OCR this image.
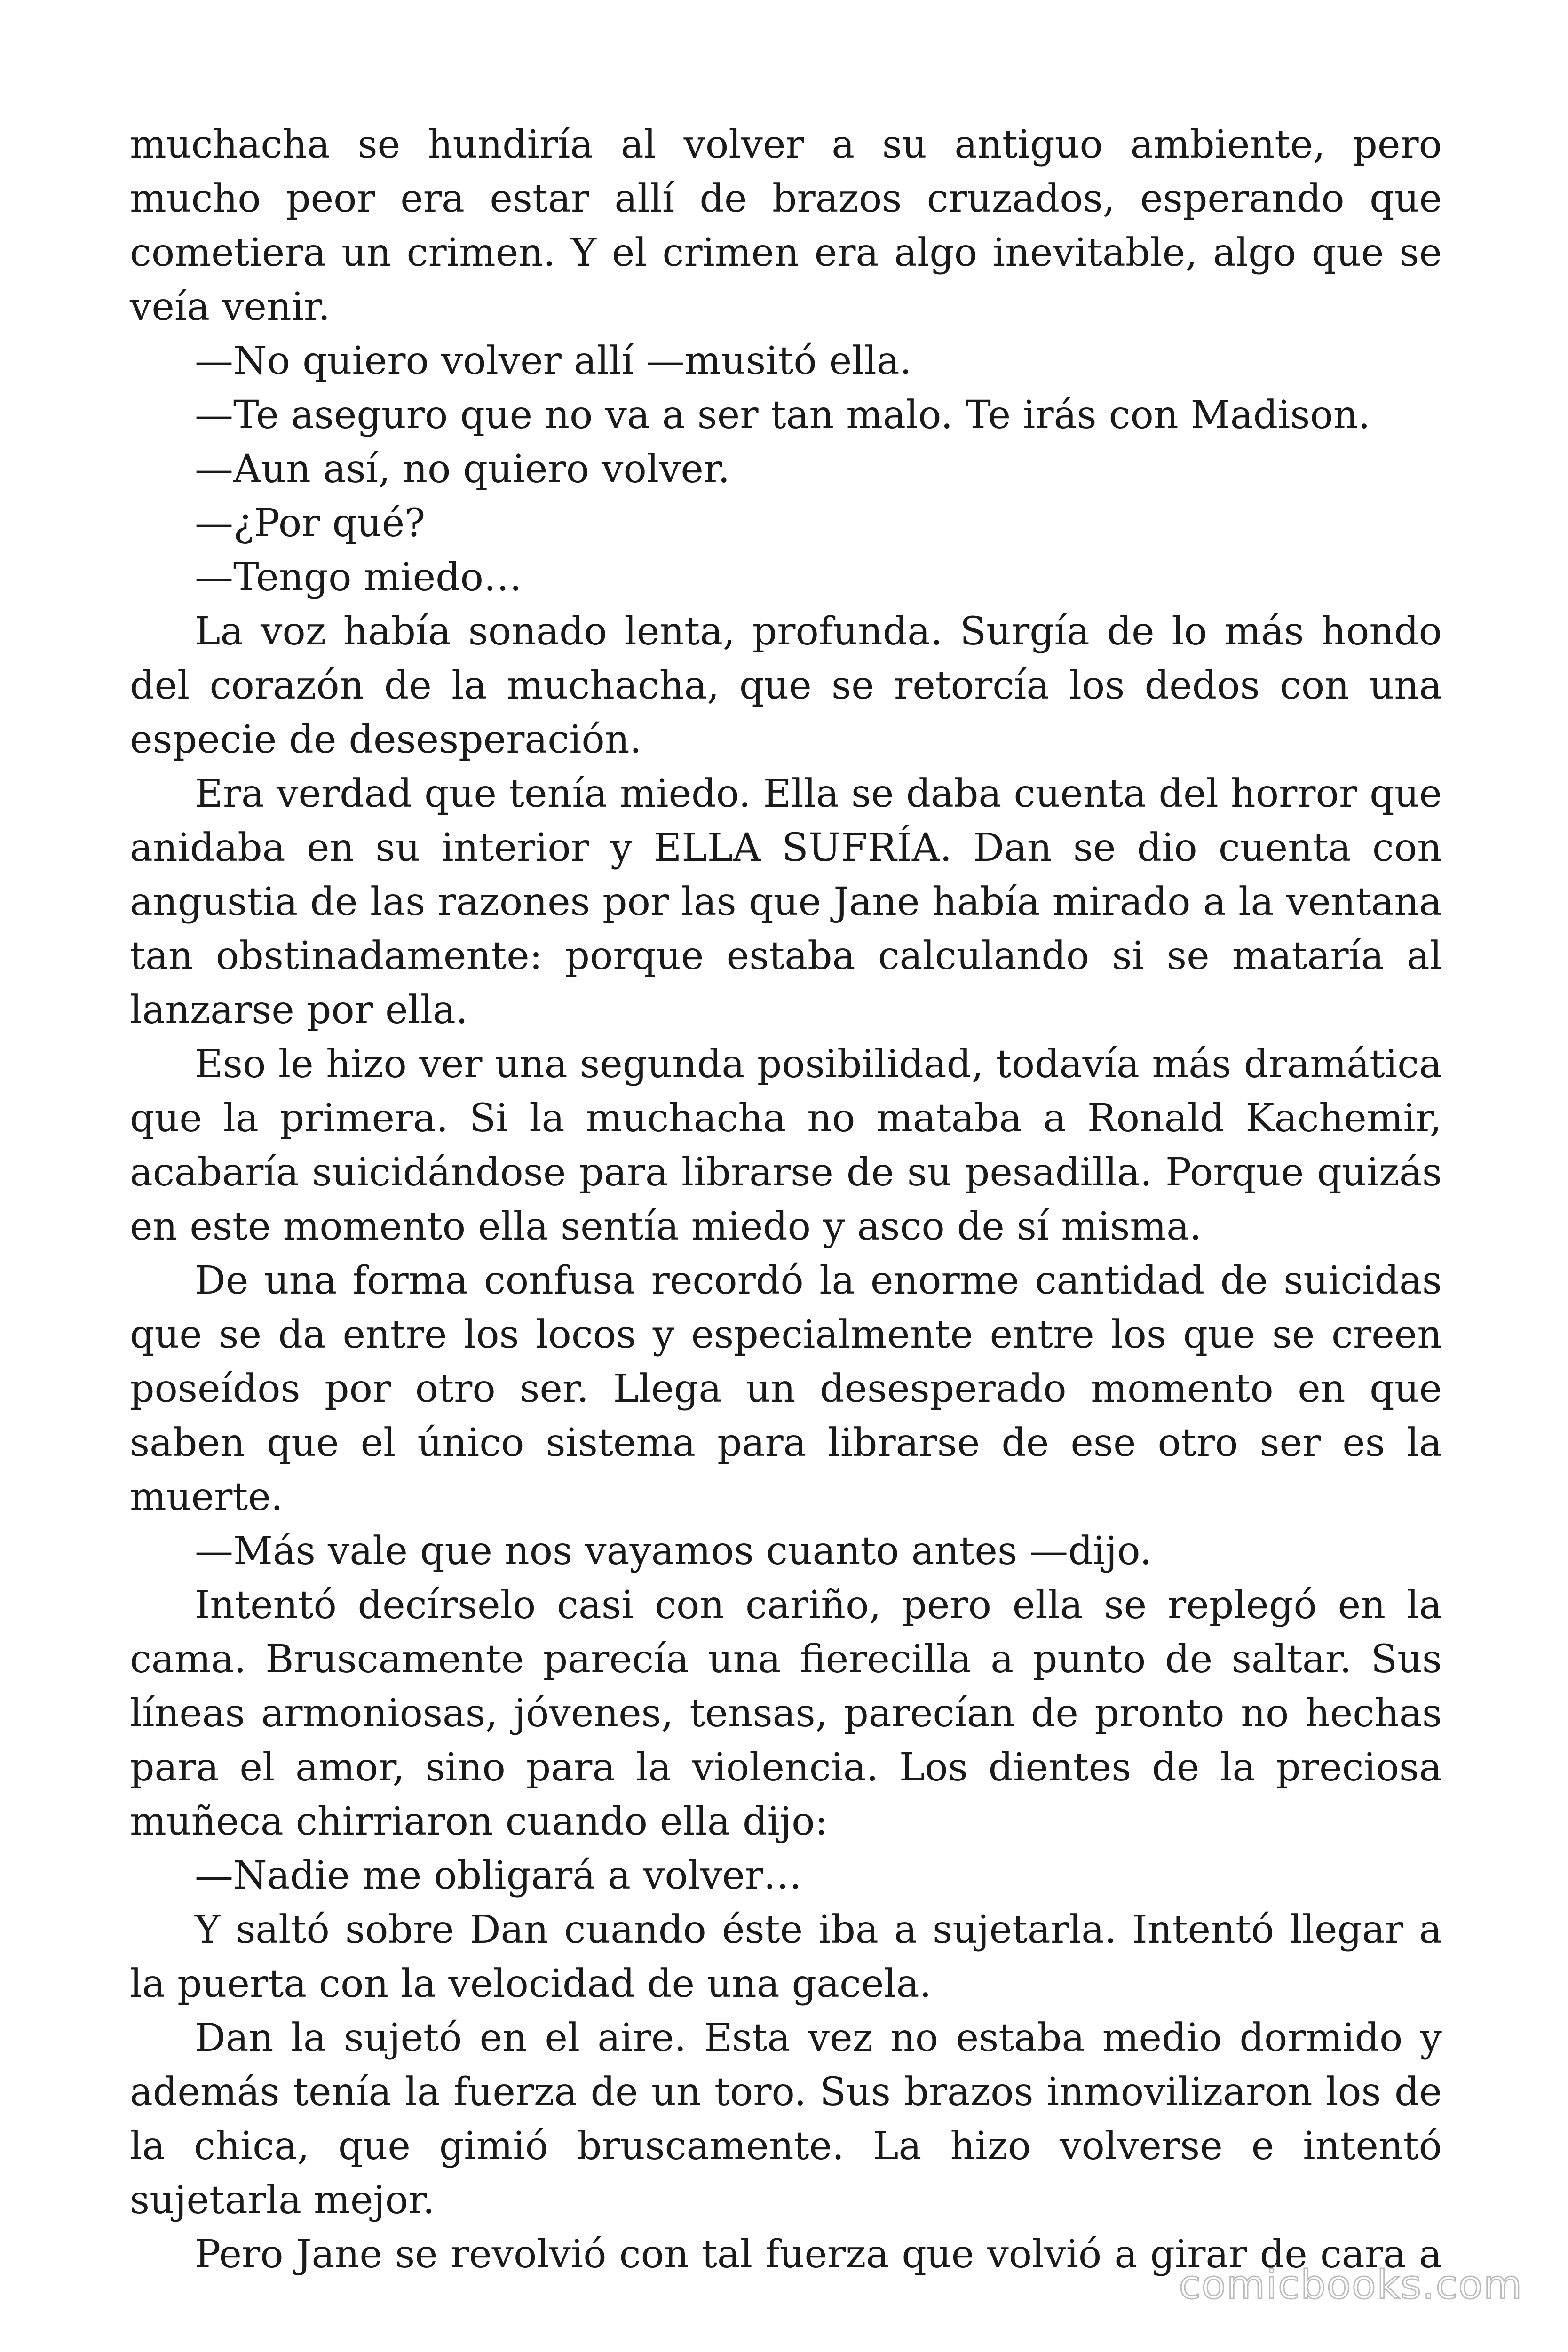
muchacha se hundiría al volver a su antiguo ambiente, pero mucho peor era estar allí de brazos cruzados, esperando que cometiera un crimen. Y el crimen era algo inevitable, algo que se veía venir.

—No quiero volver allí —musitó ella.

—Te aseguro que no va a ser tan malo. Te irás con Madison.

—Aun así, no quiero volver.

—¿Por qué?

—Tengo miedo…

La voz había sonado lenta, profunda. Surgía de lo más hondo del corazón de la muchacha, que se retorcía los dedos con una especie de desesperación.

Era verdad que tenía miedo. Ella se daba cuenta del horror que anidaba en su interior y ELLA SUFRÍA. Dan se dio cuenta con angustia de las razones por las que Jane había mirado a la ventana tan obstinadamente: porque estaba calculando si se mataría al lanzarse por ella.

Eso le hizo ver una segunda posibilidad, todavía más dramática que la primera. Si la muchacha no mataba a Ronald Kachemir, acabaría suicidándose para librarse de su pesadilla. Porque quizás en este momento ella sentía miedo y asco de sí misma.

De una forma confusa recordó la enorme cantidad de suicidas que se da entre los locos y especialmente entre los que se creen poseídos por otro ser. Llega un desesperado momento en que saben que el único sistema para librarse de ese otro ser es la muerte.

—Más vale que nos vayamos cuanto antes —dijo.

Intentó decírselo casi con cariño, pero ella se replegó en la cama. Bruscamente parecía una fierecilla a punto de saltar. Sus líneas armoniosas, jóvenes, tensas, parecían de pronto no hechas para el amor, sino para la violencia. Los dientes de la preciosa muñeca chirriaron cuando ella dijo:

—Nadie me obligará a volver…

Y saltó sobre Dan cuando éste iba a sujetarla. Intentó llegar a la puerta con la velocidad de una gacela.

Dan la sujetó en el aire. Esta vez no estaba medio dormido y además tenía la fuerza de un toro. Sus brazos inmovilizaron los de la chica, que gimió bruscamente. La hizo volverse e intentó sujetarla mejor.

Pero Jane se revolvió con tal fuerza que volvió a girar de cara a

comicbooks.com
